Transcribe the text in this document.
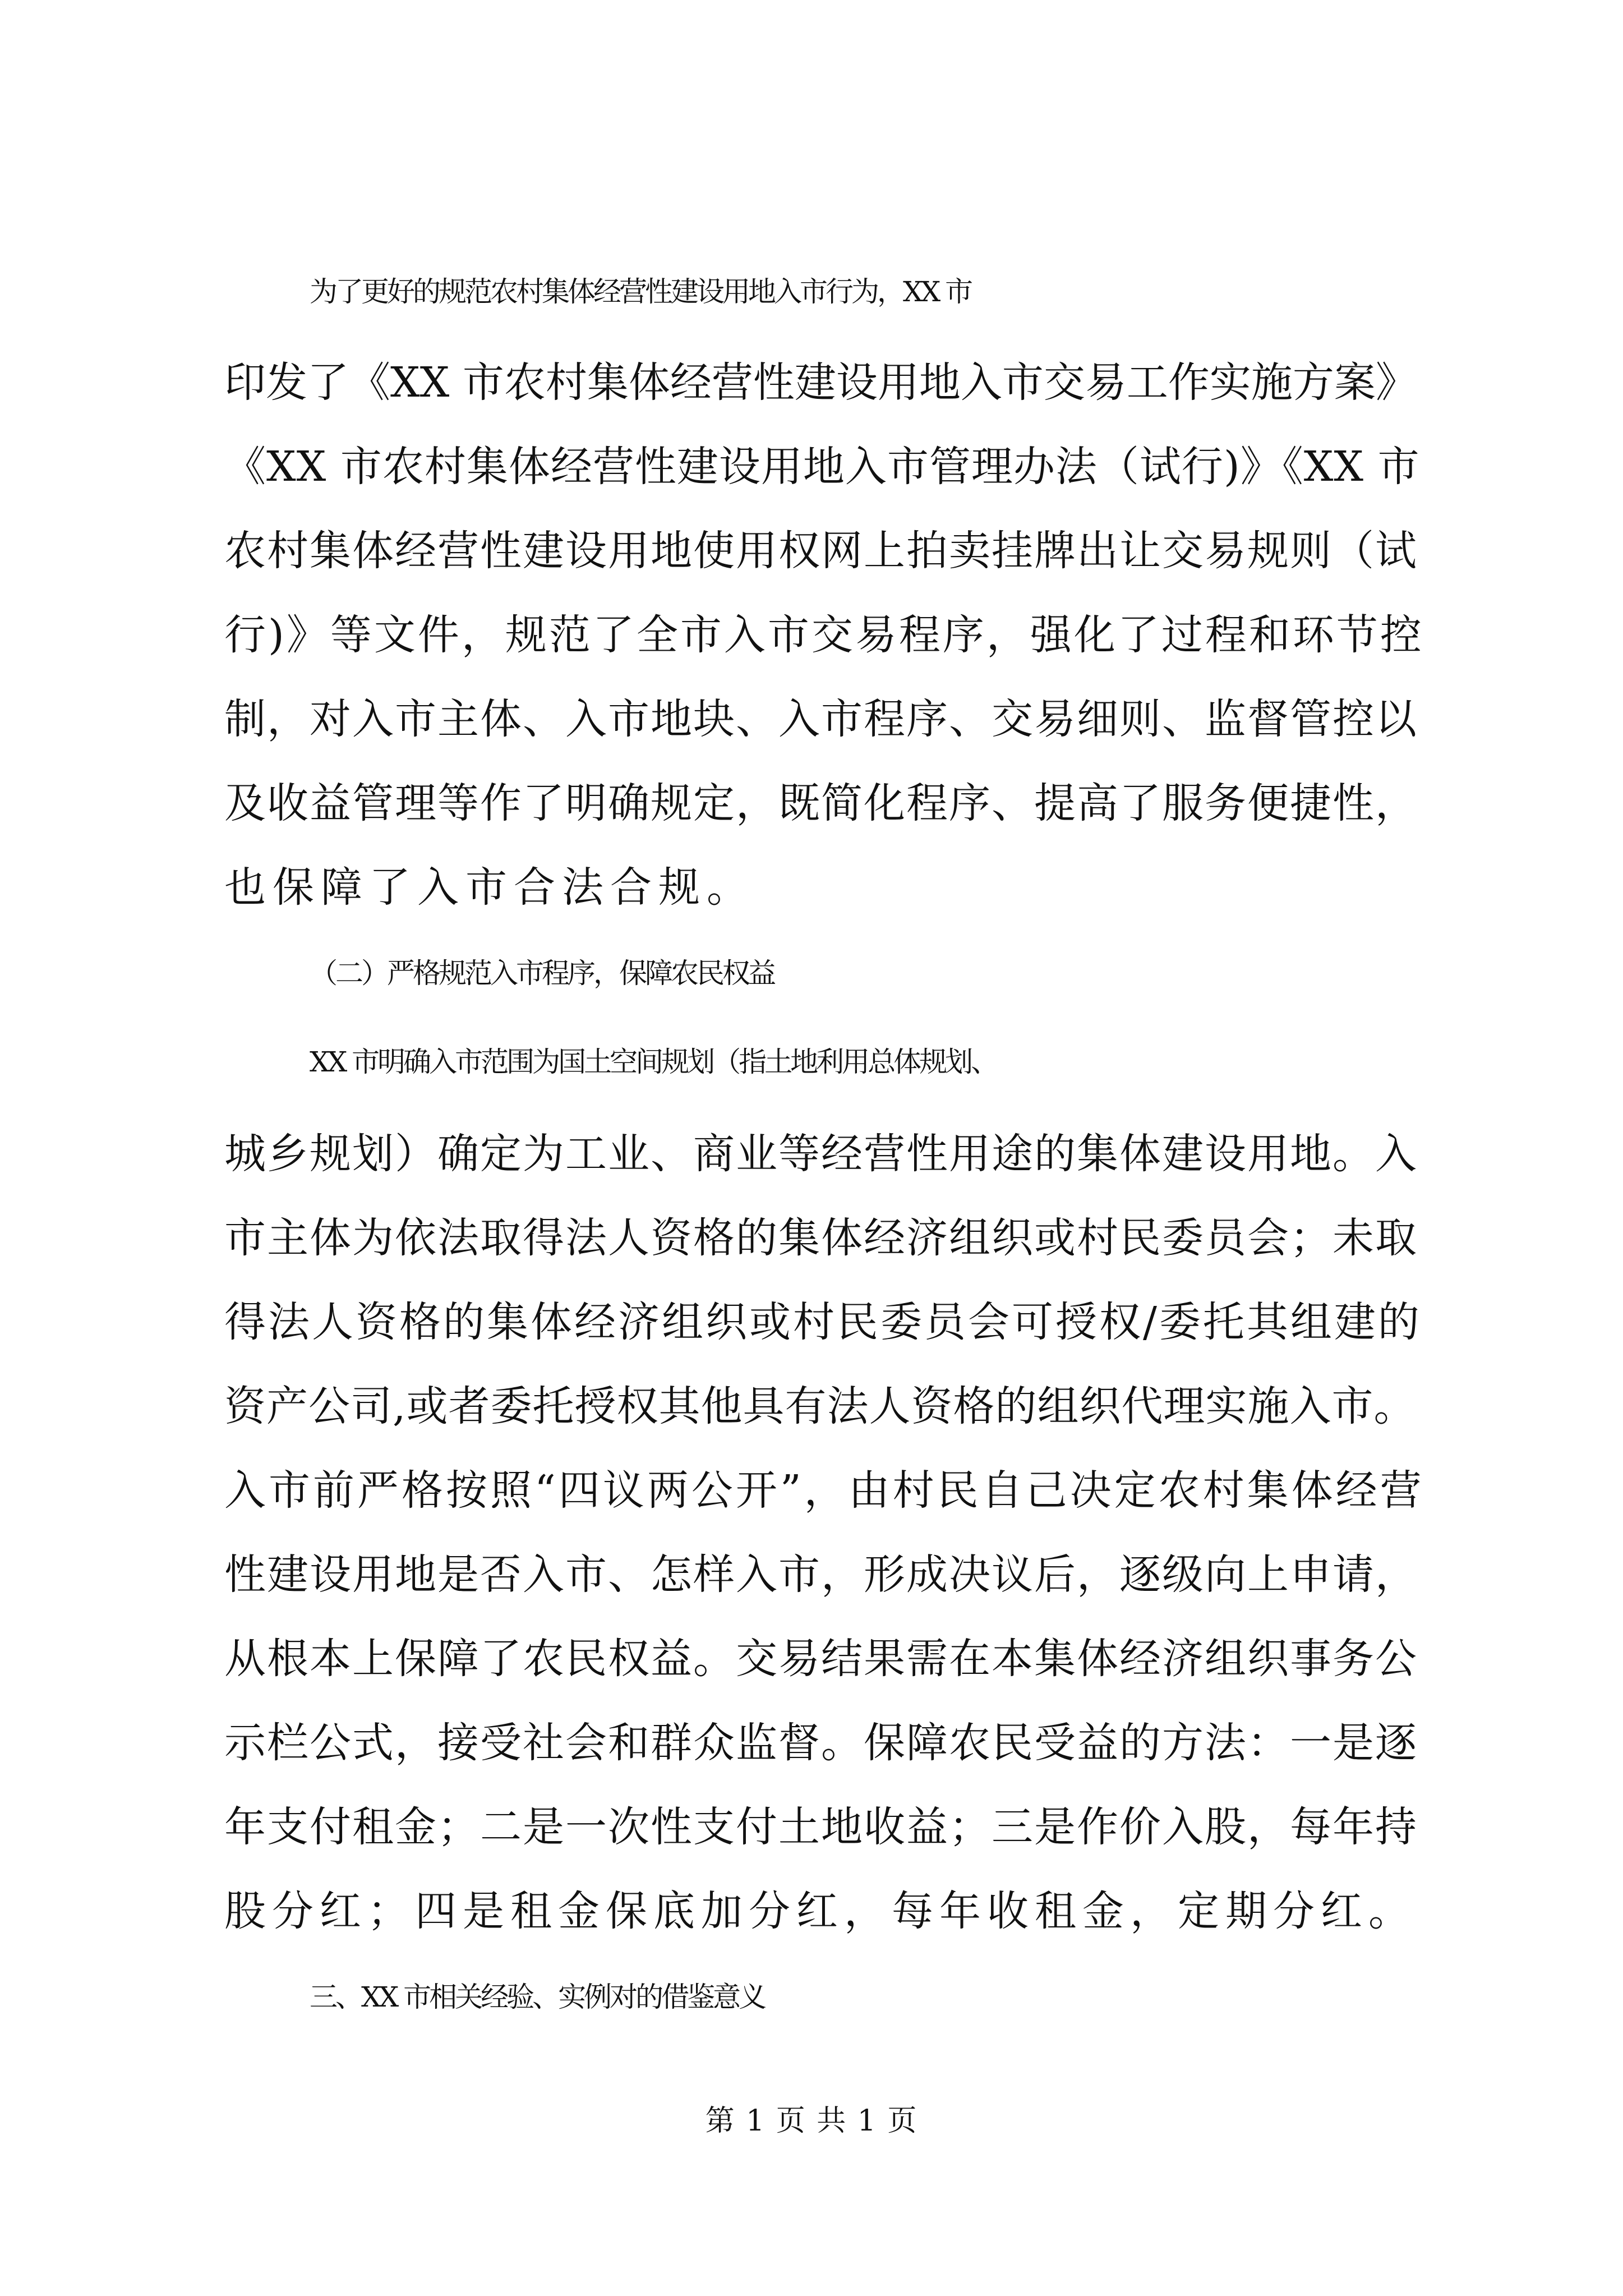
为了更好的规范农村集体经营性建设用地入市行为，XX 市
印发了《XX 市农村集体经营性建设用地入市交易工作实施方案》
《XX 市农村集体经营性建设用地入市管理办法（试行)》《XX 市
农村集体经营性建设用地使用权网上拍卖挂牌出让交易规则（试
行)》等文件，规范了全市入市交易程序，强化了过程和环节控
制，对入市主体、入市地块、入市程序、交易细则、监督管控以
及收益管理等作了明确规定，既简化程序、提高了服务便捷性，
也保障了入市合法合规。
（二）严格规范入市程序，保障农民权益
XX 市明确入市范围为国土空间规划（指土地利用总体规划、
城乡规划）确定为工业、商业等经营性用途的集体建设用地。入
市主体为依法取得法人资格的集体经济组织或村民委员会；未取
得法人资格的集体经济组织或村民委员会可授权/委托其组建的
资产公司,或者委托授权其他具有法人资格的组织代理实施入市。
入市前严格按照“四议两公开”，由村民自己决定农村集体经营
性建设用地是否入市、怎样入市，形成决议后，逐级向上申请，
从根本上保障了农民权益。交易结果需在本集体经济组织事务公
示栏公式，接受社会和群众监督。保障农民受益的方法：一是逐
年支付租金；二是一次性支付土地收益；三是作价入股，每年持
股分红；四是租金保底加分红，每年收租金，定期分红。
三、XX 市相关经验、实例对的借鉴意义
第 1 页 共 1 页
